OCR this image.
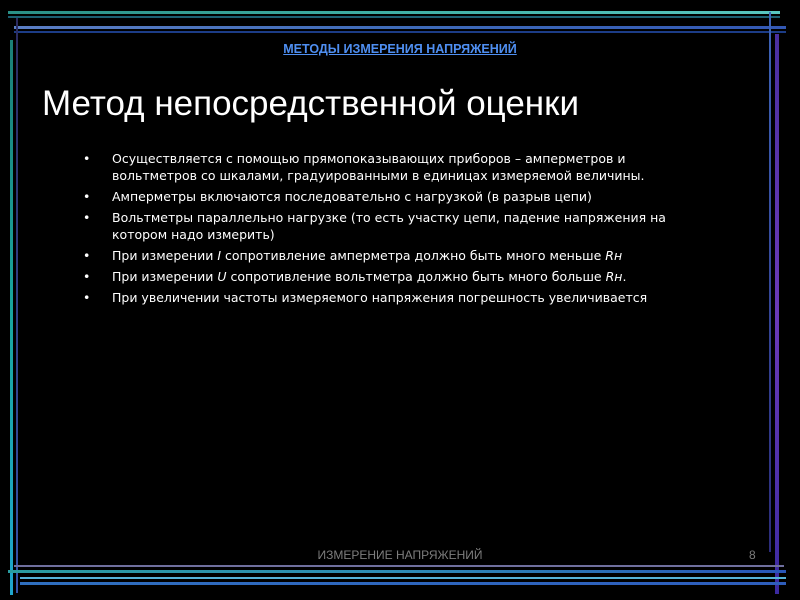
МЕТОДЫ ИЗМЕРЕНИЯ НАПРЯЖЕНИЙ
Метод непосредственной оценки
• Осуществляется с помощью прямопоказывающих приборов – амперметров и вольтметров со шкалами, градуированными в единицах измеряемой величины.
• Амперметры включаются последовательно с нагрузкой (в разрыв цепи)
• Вольтметры параллельно нагрузке (то есть участку цепи, падение напряжения на котором надо измерить)
• При измерении I сопротивление амперметра должно быть много меньше Rн
• При измерении U сопротивление вольтметра должно быть много больше Rн.
• При увеличении частоты измеряемого напряжения погрешность увеличивается
ИЗМЕРЕНИЕ НАПРЯЖЕНИЙ	8
